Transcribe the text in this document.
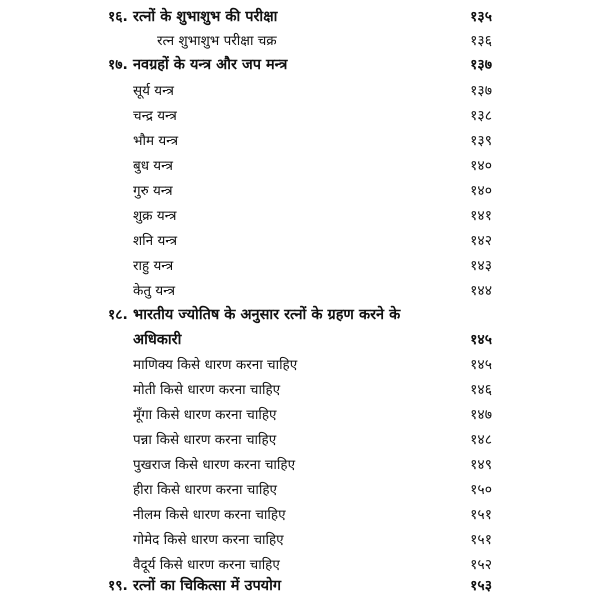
१६. रत्नों के शुभाशुभ की परीक्षा	१३५
रत्न शुभाशुभ परीक्षा चक्र	१३६
१७. नवग्रहों के यन्त्र और जप मन्त्र	१३७
सूर्य यन्त्र	१३७
चन्द्र यन्त्र	१३८
भौम यन्त्र	१३९
बुध यन्त्र	१४०
गुरु यन्त्र	१४०
शुक्र यन्त्र	१४१
शनि यन्त्र	१४२
राहु यन्त्र	१४३
केतु यन्त्र	१४४
१८. भारतीय ज्योतिष के अनुसार रत्नों के ग्रहण करने के
अधिकारी	१४५
माणिक्य किसे धारण करना चाहिए	१४५
मोती किसे धारण करना चाहिए	१४६
मूँगा किसे धारण करना चाहिए	१४७
पन्ना किसे धारण करना चाहिए	१४८
पुखराज किसे धारण करना चाहिए	१४९
हीरा किसे धारण करना चाहिए	१५०
नीलम किसे धारण करना चाहिए	१५१
गोमेद किसे धारण करना चाहिए	१५१
वैदूर्य किसे धारण करना चाहिए	१५२
१९. रत्नों का चिकित्सा में उपयोग	१५३
